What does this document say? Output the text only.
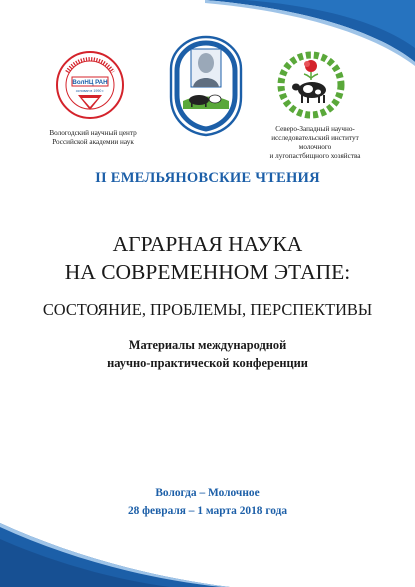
ВолНЦ РАН
основан в 1990 г.
II
Вологодский научный центр
Российской академии наук
Северо-Западный научно-
исследовательский институт молочного
и лугопастбищного хозяйства
II ЕМЕЛЬЯНОВСКИЕ ЧТЕНИЯ
АГРАРНАЯ НАУКА
НА СОВРЕМЕННОМ ЭТАПЕ:
СОСТОЯНИЕ, ПРОБЛЕМЫ, ПЕРСПЕКТИВЫ
Материалы международной
научно-практической конференции
Вологда – Молочное
28 февраля – 1 марта 2018 года
